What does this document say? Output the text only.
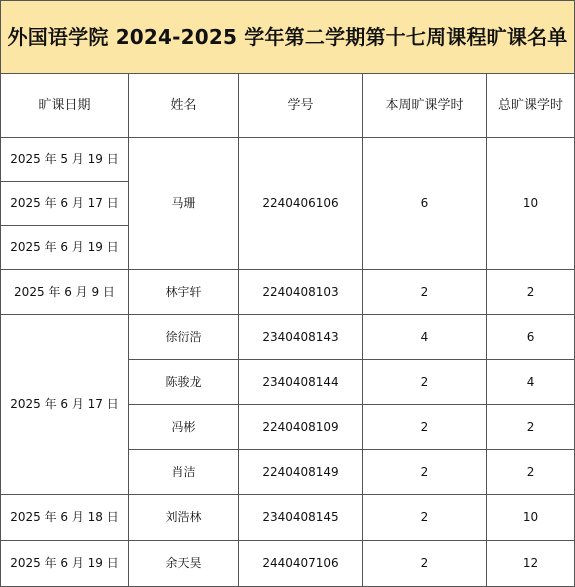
外国语学院 2024-2025 学年第二学期第十七周课程旷课名单				
旷课日期	姓名	学号	本周旷课学时	总旷课学时
2025 年 5 月 19 日	马珊	2240406106	6	10
2025 年 6 月 17 日				
2025 年 6 月 19 日				
2025 年 6 月 9 日	林宇轩	2240408103	2	2
2025 年 6 月 17 日	徐衍浩	2340408143	4	6
	陈骏龙	2340408144	2	4
	冯彬	2240408109	2	2
	肖洁	2240408149	2	2
2025 年 6 月 18 日	刘浩林	2340408145	2	10
2025 年 6 月 19 日	余天昊	2440407106	2	12
